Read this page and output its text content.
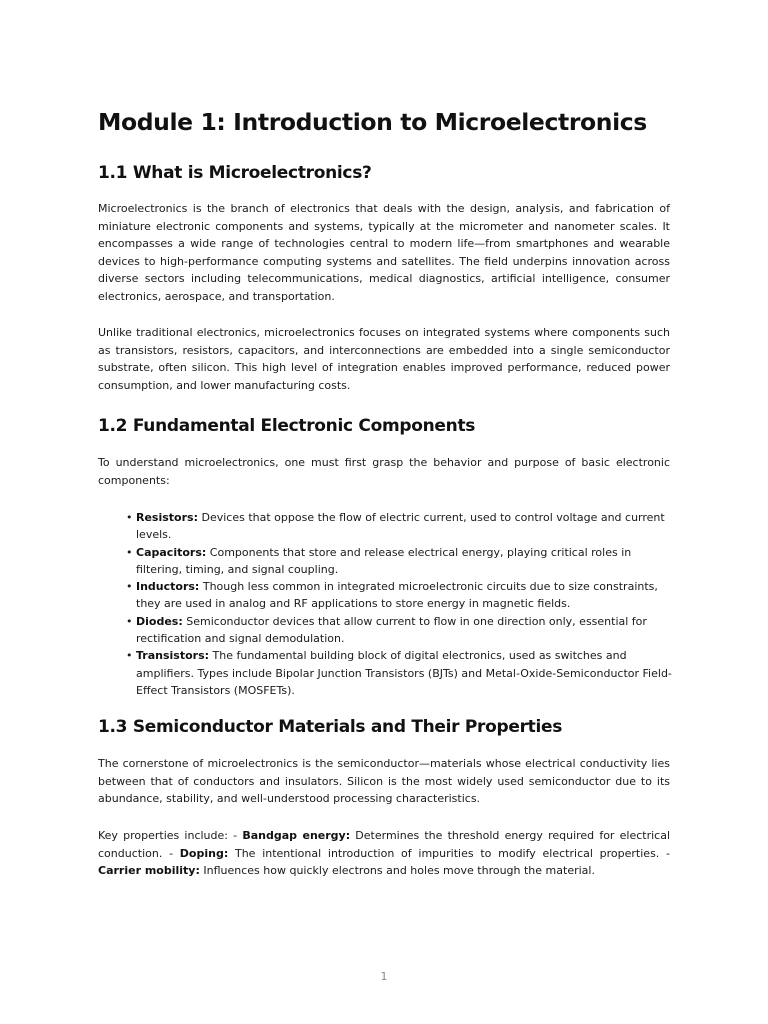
Module 1: Introduction to Microelectronics
1.1 What is Microelectronics?

Microelectronics is the branch of electronics that deals with the design, analysis, and fabrication of miniature electronic components and systems, typically at the micrometer and nanometer scales. It encompasses a wide range of technologies central to modern life—from smartphones and wearable devices to high-performance computing systems and satellites. The field underpins innovation across diverse sectors including telecommunications, medical diagnostics, artificial intelligence, consumer electronics, aerospace, and transportation.

Unlike traditional electronics, microelectronics focuses on integrated systems where components such as transistors, resistors, capacitors, and interconnections are embedded into a single semiconductor substrate, often silicon. This high level of integration enables improved performance, reduced power consumption, and lower manufacturing costs.

1.2 Fundamental Electronic Components

To understand microelectronics, one must first grasp the behavior and purpose of basic electronic components:

• Resistors: Devices that oppose the flow of electric current, used to control voltage and current levels.
• Capacitors: Components that store and release electrical energy, playing critical roles in filtering, timing, and signal coupling.
• Inductors: Though less common in integrated microelectronic circuits due to size constraints, they are used in analog and RF applications to store energy in magnetic fields.
• Diodes: Semiconductor devices that allow current to flow in one direction only, essential for rectification and signal demodulation.
• Transistors: The fundamental building block of digital electronics, used as switches and amplifiers. Types include Bipolar Junction Transistors (BJTs) and Metal-Oxide-Semiconductor Field-Effect Transistors (MOSFETs).
1.3 Semiconductor Materials and Their Properties

The cornerstone of microelectronics is the semiconductor—materials whose electrical conductivity lies between that of conductors and insulators. Silicon is the most widely used semiconductor due to its abundance, stability, and well-understood processing characteristics.

Key properties include: - Bandgap energy: Determines the threshold energy required for electrical conduction. - Doping: The intentional introduction of impurities to modify electrical properties. - Carrier mobility: Influences how quickly electrons and holes move through the material.

1
